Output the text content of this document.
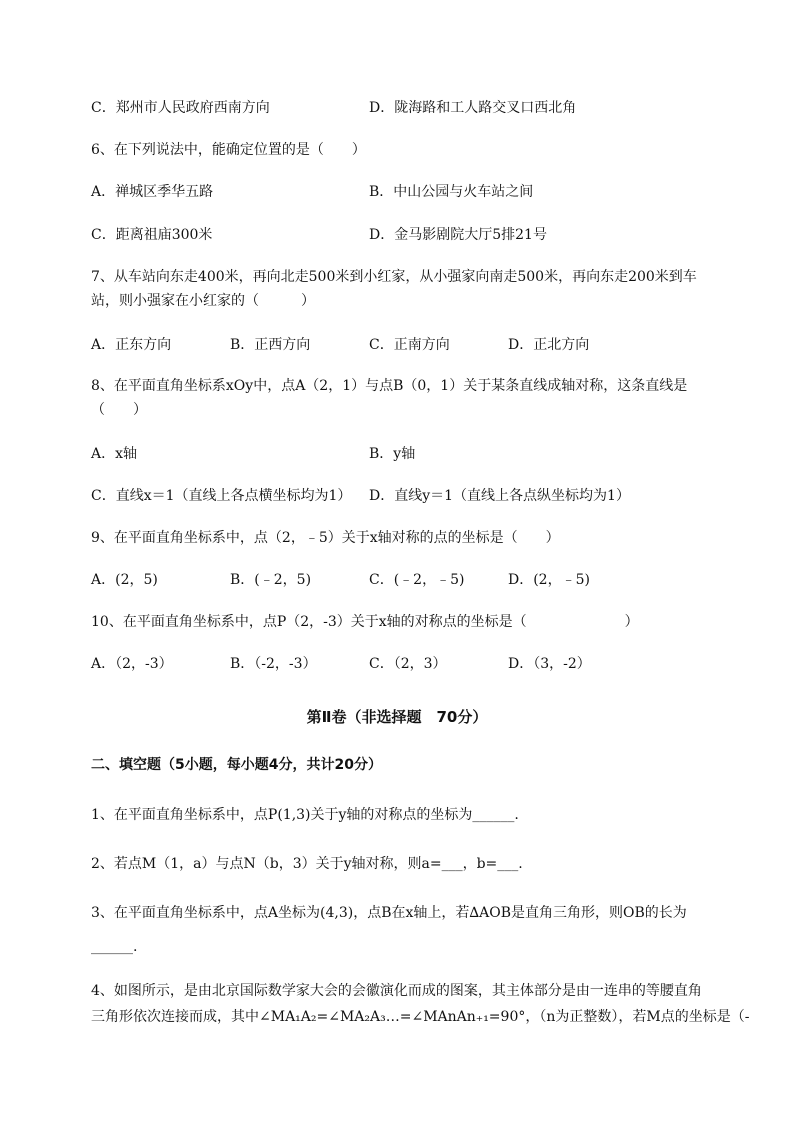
C．郑州市人民政府西南方向	D．陇海路和工人路交叉口西北角
6、在下列说法中，能确定位置的是（　　）
A．禅城区季华五路	B．中山公园与火车站之间
C．距离祖庙300米	D．金马影剧院大厅5排21号
7、从车站向东走400米，再向北走500米到小红家，从小强家向南走500米，再向东走200米到车
站，则小强家在小红家的（　　　）
A．正东方向	B．正西方向	C．正南方向	D．正北方向
8、在平面直角坐标系xOy中，点A（2，1）与点B（0，1）关于某条直线成轴对称，这条直线是
（　　）
A．x轴	B．y轴
C．直线x＝1（直线上各点横坐标均为1） D．直线y＝1（直线上各点纵坐标均为1）
9、在平面直角坐标系中，点（2，﹣5）关于x轴对称的点的坐标是（　　）
A．(2，5)	B．(﹣2，5)	C．(﹣2，﹣5)	D．(2，﹣5)
10、在平面直角坐标系中，点P（2，-3）关于x轴的对称点的坐标是（　　　　　　　）
A．（2，-3）	B．（-2，-3）	C．（2，3）	D．（3，-2）
第Ⅱ卷（非选择题　70分）
二、填空题（5小题，每小题4分，共计20分）
1、在平面直角坐标系中，点P(1,3)关于y轴的对称点的坐标为______.
2、若点M（1，a）与点N（b，3）关于y轴对称，则a=___，b=___.
3、在平面直角坐标系中，点A坐标为(4,3)，点B在x轴上，若∆AOB是直角三角形，则OB的长为
______.
4、如图所示，是由北京国际数学家大会的会徽演化而成的图案，其主体部分是由一连串的等腰直角
三角形依次连接而成，其中∠MA₁A₂=∠MA₂A₃…=∠MAnAn₊₁=90°，（n为正整数），若M点的坐标是（-
